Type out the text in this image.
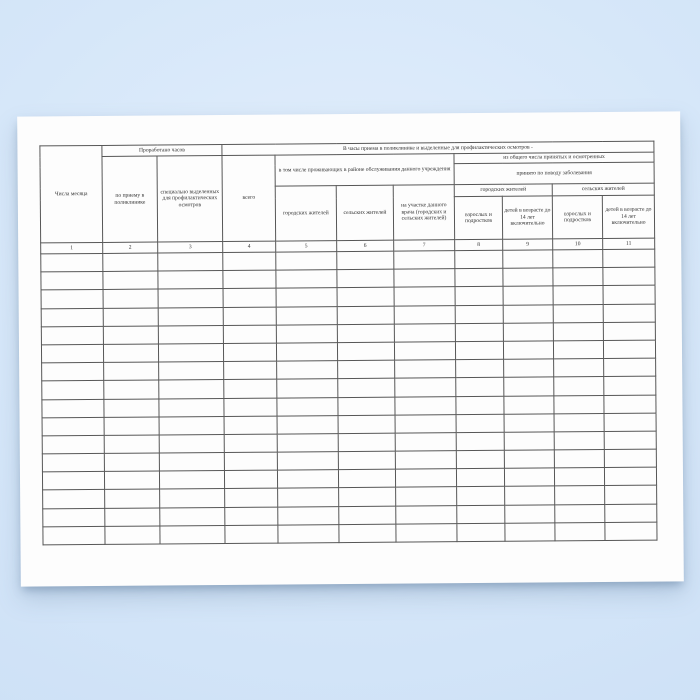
Числа месяца	Проработано часов		В часы приема в поликлинике и выделенные для профилактических осмотров -							
	по приему в поликлинике	специально выделенных для профилактических осмотров	всего	в том числе проживающих в районе обслуживания данного учреждения			из общего числа принятых и осмотренных			
							принято по поводу заболевания			
				городских жителей	сельских жителей	на участке данного врача (городских и сельских жителей)	городских жителей		сельских жителей	
							взрослых и подростков	детей в возрасте до 14 лет включительно	взрослых и подростков	детей в возрасте до 14 лет включительно
1	2	3	4	5	6	7	8	9	10	11
